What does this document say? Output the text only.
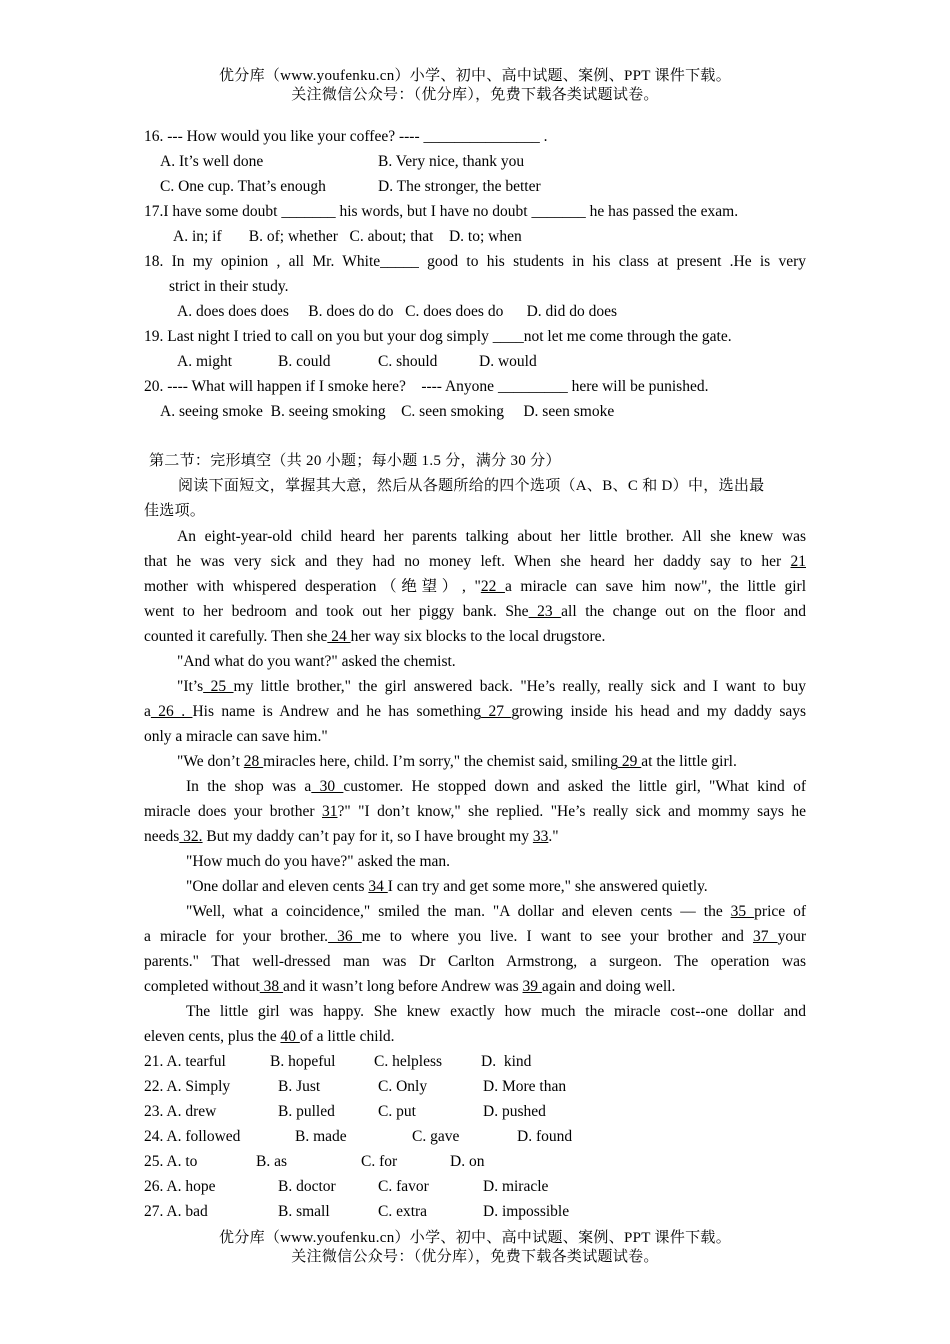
优分库（www.youfenku.cn）小学、初中、高中试题、案例、PPT 课件下载。
关注微信公众号：（优分库），免费下载各类试题试卷。
16. --- How would you like your coffee? ---- _______________ .
A. It’s well done	B. Very nice, thank you
C. One cup. That’s enough	D. The stronger, the better
17.I have some doubt _______ his words, but I have no doubt _______ he has passed the exam.
A. in; if       B. of; whether   C. about; that    D. to; when
18. In my opinion , all Mr. White_____ good to his students in his class at present .He is very
strict in their study.
A. does does does     B. does do do   C. does does do      D. did do does
19. Last night I tried to call on you but your dog simply ____not let me come through the gate.
A. might	B. could	C. should	D. would
20. ---- What will happen if I smoke here?    ---- Anyone _________ here will be punished.
A. seeing smoke  B. seeing smoking    C. seen smoking     D. seen smoke
第二节：完形填空（共 20 小题；每小题 1.5 分，满分 30 分）
阅读下面短文，掌握其大意，然后从各题所给的四个选项（A、B、C 和 D）中，选出最
佳选项。
An eight-year-old child heard her parents talking about her little brother. All she knew was
that he was very sick and they had no money left. When she heard her daddy say to her 21
mother with whispered desperation（绝望）, "22 a miracle can save him now", the little girl
went to her bedroom and took out her piggy bank. She 23 all the change out on the floor and
counted it carefully. Then she 24 her way six blocks to the local drugstore.
"And what do you want?" asked the chemist.
"It’s 25 my little brother," the girl answered back. "He’s really, really sick and I want to buy
a 26 . His name is Andrew and he has something 27 growing inside his head and my daddy says
only a miracle can save him."
"We don’t 28 miracles here, child. I’m sorry," the chemist said, smiling 29 at the little girl.
In the shop was a 30 customer. He stopped down and asked the little girl, "What kind of
miracle does your brother 31?" "I don’t know," she replied. "He’s really sick and mommy says he
needs 32. But my daddy can’t pay for it, so I have brought my 33."
"How much do you have?" asked the man.
"One dollar and eleven cents 34 I can try and get some more," she answered quietly.
"Well, what a coincidence," smiled the man. "A dollar and eleven cents — the 35 price of
a miracle for your brother. 36 me to where you live. I want to see your brother and 37 your
parents." That well-dressed man was Dr Carlton Armstrong, a surgeon. The operation was
completed without 38 and it wasn’t long before Andrew was 39 again and doing well.
The little girl was happy. She knew exactly how much the miracle cost--one dollar and
eleven cents, plus the 40 of a little child.
21. A. tearful	B. hopeful C. helpless	D.  kind
22. A. Simply	B. Just	C. Only	D. More than
23. A. drew	B. pulled	C. put	D. pushed
24. A. followed	B. made	C. gave	D. found
25. A. to	B. as	C. for	D. on
26. A. hope	B. doctor	C. favor	D. miracle
27. A. bad	B. small	C. extra	D. impossible
优分库（www.youfenku.cn）小学、初中、高中试题、案例、PPT 课件下载。
关注微信公众号：（优分库），免费下载各类试题试卷。
